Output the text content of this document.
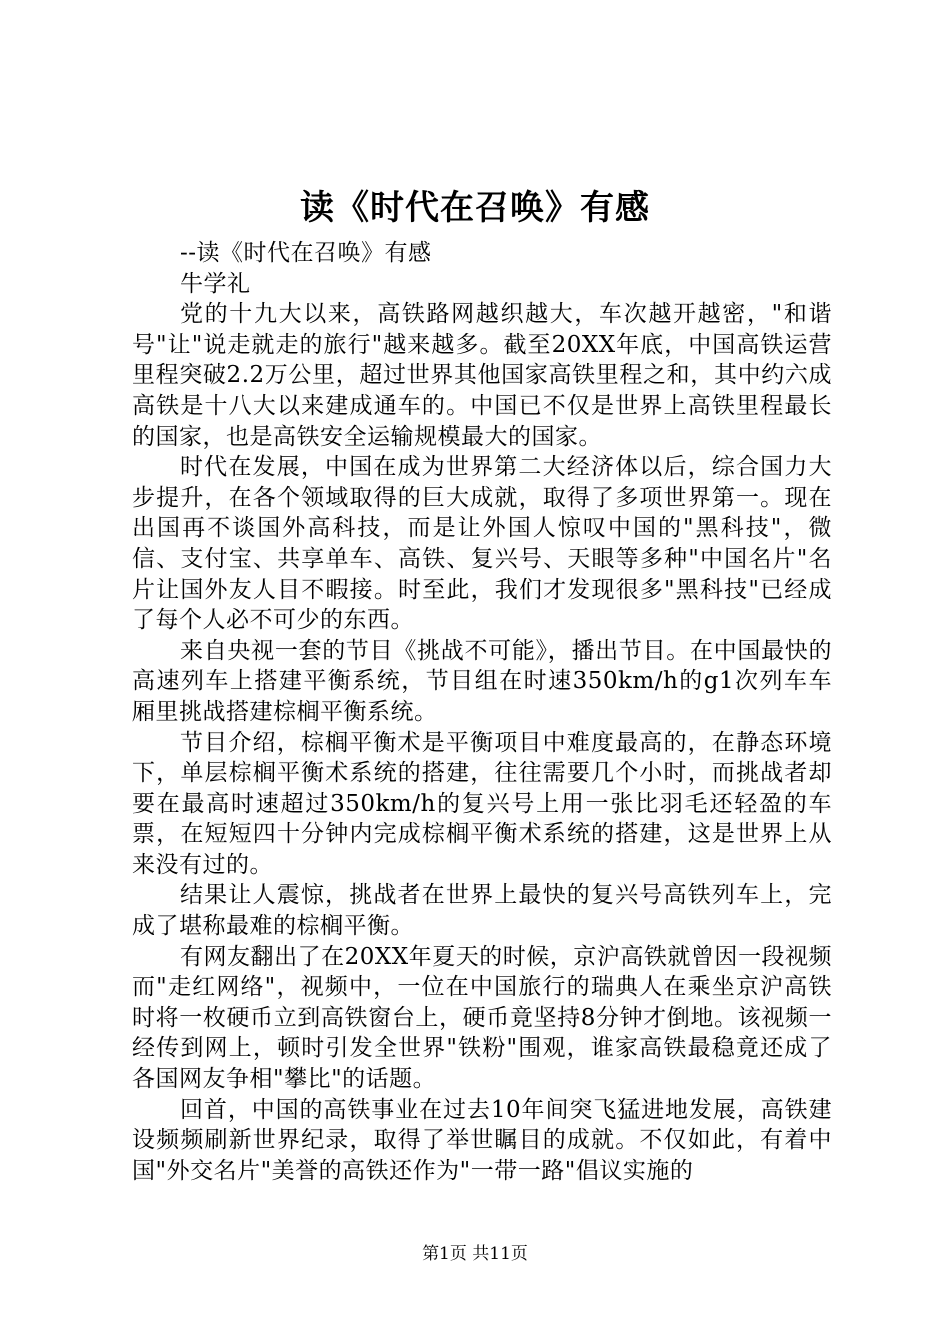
读《时代在召唤》有感

--读《时代在召唤》有感

牛学礼

党的十九大以来，高铁路网越织越大，车次越开越密，"和谐号"让"说走就走的旅行"越来越多。截至20XX年底，中国高铁运营里程突破2.2万公里，超过世界其他国家高铁里程之和，其中约六成高铁是十八大以来建成通车的。中国已不仅是世界上高铁里程最长的国家，也是高铁安全运输规模最大的国家。

时代在发展，中国在成为世界第二大经济体以后，综合国力大步提升，在各个领域取得的巨大成就，取得了多项世界第一。现在出国再不谈国外高科技，而是让外国人惊叹中国的"黑科技"，微信、支付宝、共享单车、高铁、复兴号、天眼等多种"中国名片"名片让国外友人目不暇接。时至此，我们才发现很多"黑科技"已经成了每个人必不可少的东西。

来自央视一套的节目《挑战不可能》，播出节目。在中国最快的高速列车上搭建平衡系统，节目组在时速350km/h的g1次列车车厢里挑战搭建棕榈平衡系统。

节目介绍，棕榈平衡术是平衡项目中难度最高的，在静态环境下，单层棕榈平衡术系统的搭建，往往需要几个小时，而挑战者却要在最高时速超过350km/h的复兴号上用一张比羽毛还轻盈的车票，在短短四十分钟内完成棕榈平衡术系统的搭建，这是世界上从来没有过的。

结果让人震惊，挑战者在世界上最快的复兴号高铁列车上，完成了堪称最难的棕榈平衡。

有网友翻出了在20XX年夏天的时候，京沪高铁就曾因一段视频而"走红网络"，视频中，一位在中国旅行的瑞典人在乘坐京沪高铁时将一枚硬币立到高铁窗台上，硬币竟坚持8分钟才倒地。该视频一经传到网上，顿时引发全世界"铁粉"围观，谁家高铁最稳竟还成了各国网友争相"攀比"的话题。

回首，中国的高铁事业在过去10年间突飞猛进地发展，高铁建设频频刷新世界纪录，取得了举世瞩目的成就。不仅如此，有着中国"外交名片"美誉的高铁还作为"一带一路"倡议实施的

第1页 共11页
